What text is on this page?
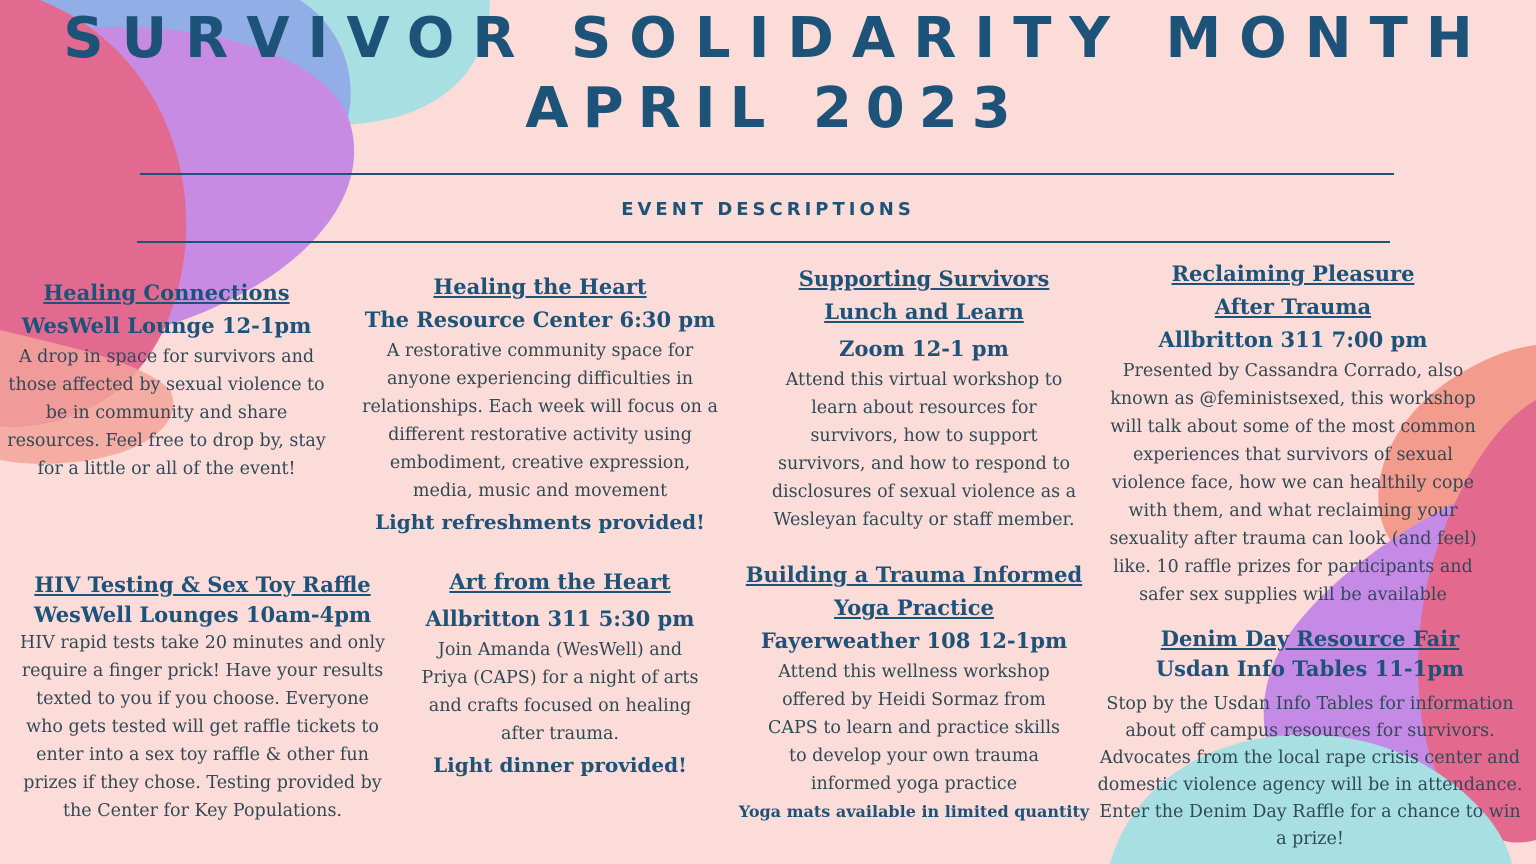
SURVIVOR SOLIDARITY MONTH
APRIL 2023
EVENT DESCRIPTIONS
Healing Connections
WesWell Lounge 12-1pm
A drop in space for survivors and those affected by sexual violence to be in community and share resources. Feel free to drop by, stay for a little or all of the event!
Healing the Heart
The Resource Center 6:30 pm
A restorative community space for anyone experiencing difficulties in relationships. Each week will focus on a different restorative activity using embodiment, creative expression, media, music and movement
Light refreshments provided!
Supporting Survivors
Lunch and Learn
Zoom 12-1 pm
Attend this virtual workshop to learn about resources for survivors, how to support survivors, and how to respond to disclosures of sexual violence as a Wesleyan faculty or staff member.
Reclaiming Pleasure
After Trauma
Allbritton 311 7:00 pm
Presented by Cassandra Corrado, also known as @feministsexed, this workshop will talk about some of the most common experiences that survivors of sexual violence face, how we can healthily cope with them, and what reclaiming your sexuality after trauma can look (and feel) like. 10 raffle prizes for participants and safer sex supplies will be available
HIV Testing & Sex Toy Raffle
WesWell Lounges 10am-4pm
HIV rapid tests take 20 minutes and only require a finger prick! Have your results texted to you if you choose. Everyone who gets tested will get raffle tickets to enter into a sex toy raffle & other fun prizes if they chose. Testing provided by the Center for Key Populations.
Art from the Heart
Allbritton 311 5:30 pm
Join Amanda (WesWell) and Priya (CAPS) for a night of arts and crafts focused on healing after trauma.
Light dinner provided!
Building a Trauma Informed
Yoga Practice
Fayerweather 108 12-1pm
Attend this wellness workshop offered by Heidi Sormaz from CAPS to learn and practice skills to develop your own trauma informed yoga practice
Yoga mats available in limited quantity
Denim Day Resource Fair
Usdan Info Tables 11-1pm
Stop by the Usdan Info Tables for information about off campus resources for survivors. Advocates from the local rape crisis center and domestic violence agency will be in attendance. Enter the Denim Day Raffle for a chance to win a prize!
